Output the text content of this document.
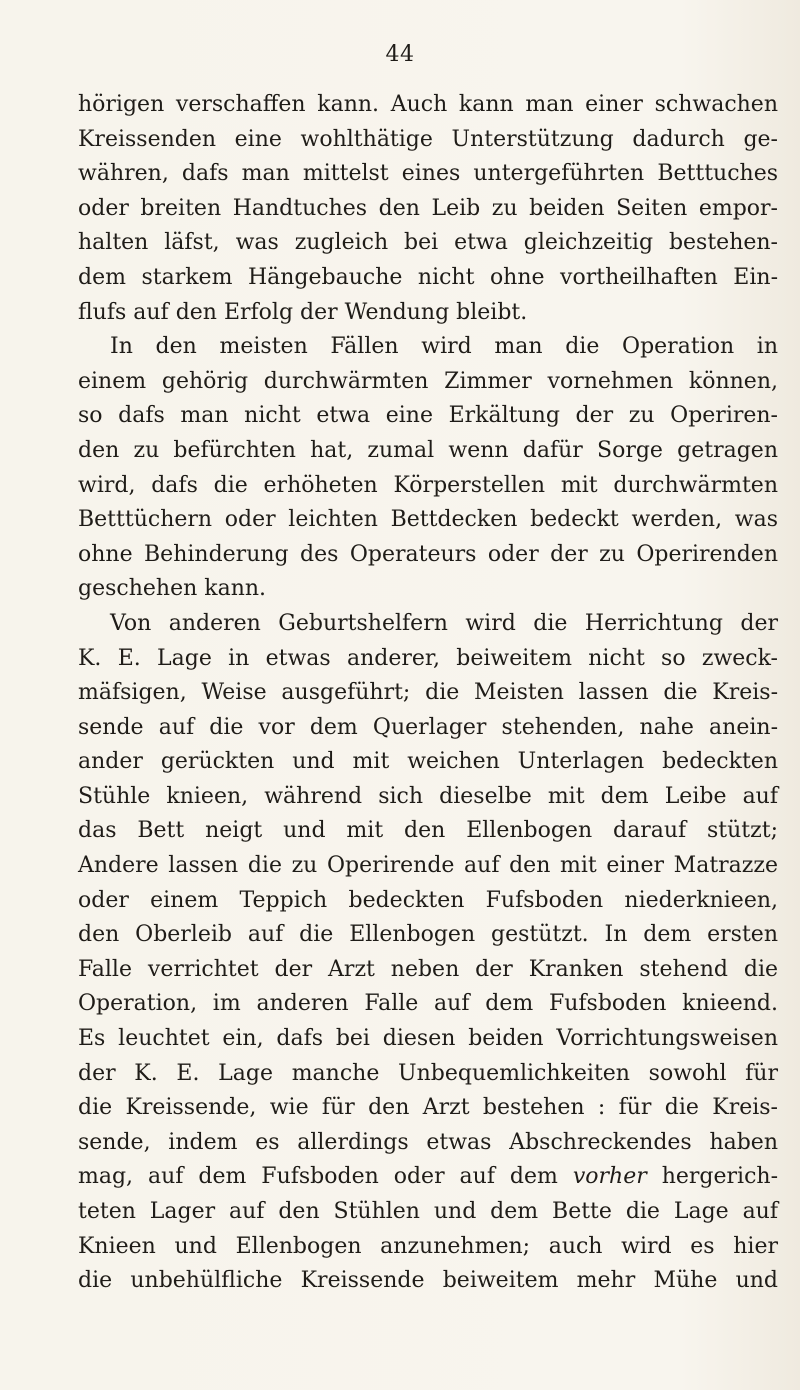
44
hörigen verschaffen kann. Auch kann man einer schwachen
Kreissenden eine wohlthätige Unterstützung dadurch ge-
währen, dafs man mittelst eines untergeführten Betttuches
oder breiten Handtuches den Leib zu beiden Seiten empor-
halten läfst, was zugleich bei etwa gleichzeitig bestehen-
dem starkem Hängebauche nicht ohne vortheilhaften Ein-
flufs auf den Erfolg der Wendung bleibt.
In den meisten Fällen wird man die Operation in
einem gehörig durchwärmten Zimmer vornehmen können,
so dafs man nicht etwa eine Erkältung der zu Operiren-
den zu befürchten hat, zumal wenn dafür Sorge getragen
wird, dafs die erhöheten Körperstellen mit durchwärmten
Betttüchern oder leichten Bettdecken bedeckt werden, was
ohne Behinderung des Operateurs oder der zu Operirenden
geschehen kann.
Von anderen Geburtshelfern wird die Herrichtung der
K. E. Lage in etwas anderer, beiweitem nicht so zweck-
mäfsigen, Weise ausgeführt; die Meisten lassen die Kreis-
sende auf die vor dem Querlager stehenden, nahe anein-
ander gerückten und mit weichen Unterlagen bedeckten
Stühle knieen, während sich dieselbe mit dem Leibe auf
das Bett neigt und mit den Ellenbogen darauf stützt;
Andere lassen die zu Operirende auf den mit einer Matrazze
oder einem Teppich bedeckten Fufsboden niederknieen,
den Oberleib auf die Ellenbogen gestützt. In dem ersten
Falle verrichtet der Arzt neben der Kranken stehend die
Operation, im anderen Falle auf dem Fufsboden knieend.
Es leuchtet ein, dafs bei diesen beiden Vorrichtungsweisen
der K. E. Lage manche Unbequemlichkeiten sowohl für
die Kreissende, wie für den Arzt bestehen : für die Kreis-
sende, indem es allerdings etwas Abschreckendes haben
mag, auf dem Fufsboden oder auf dem vorher hergerich-
teten Lager auf den Stühlen und dem Bette die Lage auf
Knieen und Ellenbogen anzunehmen; auch wird es hier
die unbehülfliche Kreissende beiweitem mehr Mühe und
